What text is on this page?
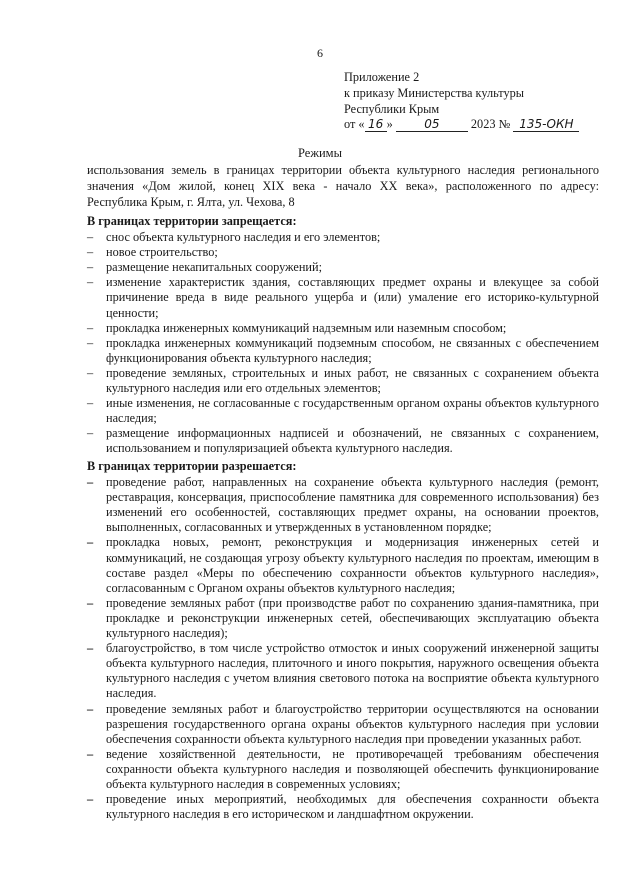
6
Приложение 2
к приказу Министерства культуры
Республики Крым
от « 16 »	05	2023 № 135-ОКН
Режимы
использования земель в границах территории объекта культурного наследия регионального значения «Дом жилой, конец XIX века - начало XX века», расположенного по адресу: Республика Крым, г. Ялта, ул. Чехова, 8
В границах территории запрещается:
– снос объекта культурного наследия и его элементов;
– новое строительство;
– размещение некапитальных сооружений;
– изменение характеристик здания, составляющих предмет охраны и влекущее за собой причинение вреда в виде реального ущерба и (или) умаление его историко-культурной ценности;
– прокладка инженерных коммуникаций надземным или наземным способом;
– прокладка инженерных коммуникаций подземным способом, не связанных с обеспечением функционирования объекта культурного наследия;
– проведение земляных, строительных и иных работ, не связанных с сохранением объекта культурного наследия или его отдельных элементов;
– иные изменения, не согласованные с государственным органом охраны объектов культурного наследия;
– размещение информационных надписей и обозначений, не связанных с сохранением, использованием и популяризацией объекта культурного наследия.
В границах территории разрешается:
– проведение работ, направленных на сохранение объекта культурного наследия (ремонт, реставрация, консервация, приспособление памятника для современного использования) без изменений его особенностей, составляющих предмет охраны, на основании проектов, выполненных, согласованных и утвержденных в установленном порядке;
– прокладка новых, ремонт, реконструкция и модернизация инженерных сетей и коммуникаций, не создающая угрозу объекту культурного наследия по проектам, имеющим в составе раздел «Меры по обеспечению сохранности объектов культурного наследия», согласованным с Органом охраны объектов культурного наследия;
– проведение земляных работ (при производстве работ по сохранению здания-памятника, при прокладке и реконструкции инженерных сетей, обеспечивающих эксплуатацию объекта культурного наследия);
– благоустройство, в том числе устройство отмосток и иных сооружений инженерной защиты объекта культурного наследия, плиточного и иного покрытия, наружного освещения объекта культурного наследия с учетом влияния светового потока на восприятие объекта культурного наследия.
– проведение земляных работ и благоустройство территории осуществляются на основании разрешения государственного органа охраны объектов культурного наследия при условии обеспечения сохранности объекта культурного наследия при проведении указанных работ.
– ведение хозяйственной деятельности, не противоречащей требованиям обеспечения сохранности объекта культурного наследия и позволяющей обеспечить функционирование объекта культурного наследия в современных условиях;
– проведение иных мероприятий, необходимых для обеспечения сохранности объекта культурного наследия в его историческом и ландшафтном окружении.
